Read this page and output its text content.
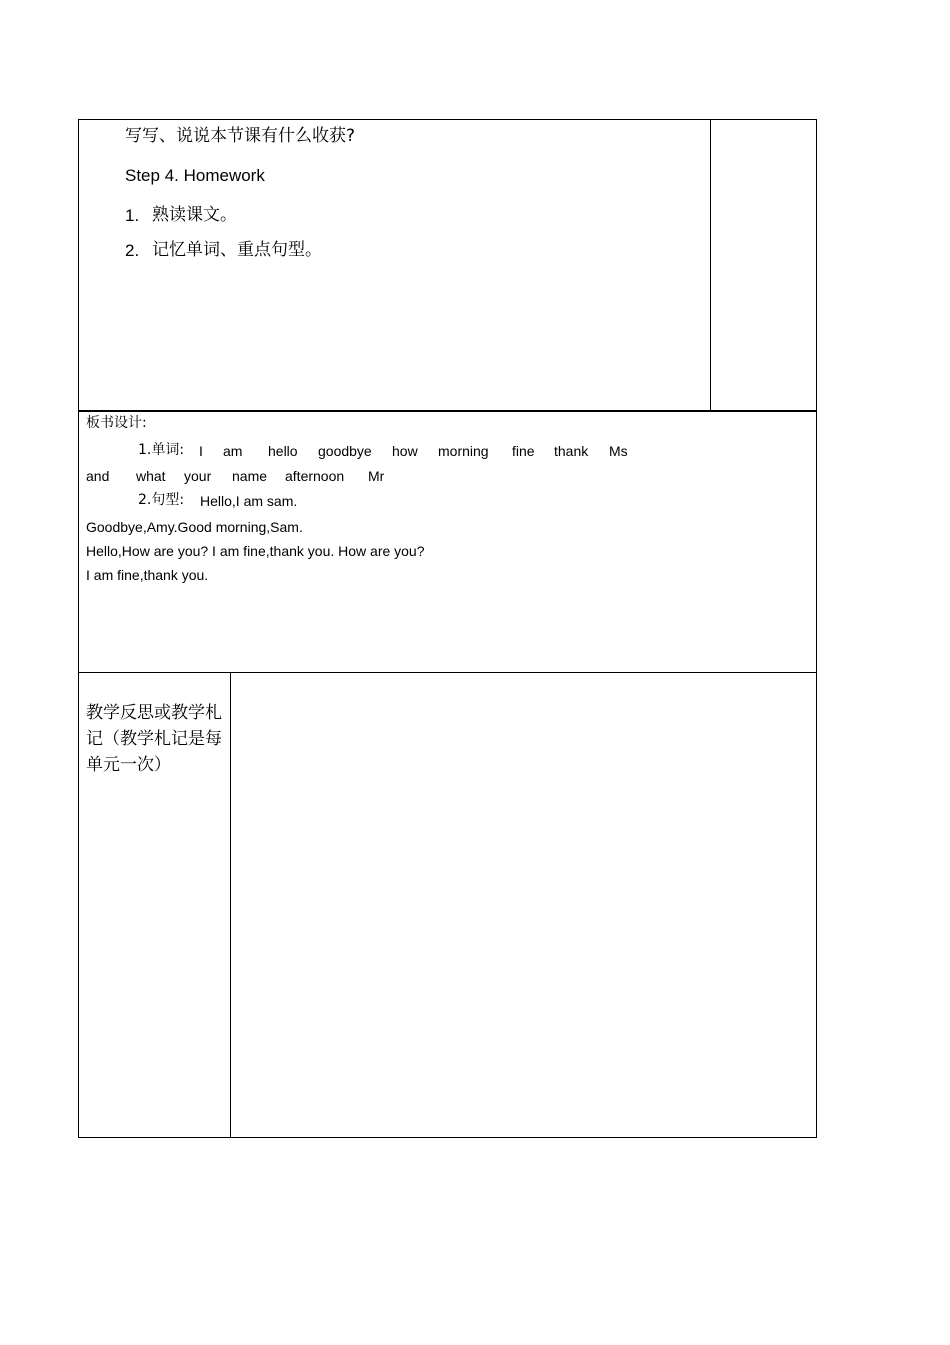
写写、说说本节课有什么收获?
Step 4. Homework
1. 熟读课文。
2. 记忆单词、重点句型。
板书设计:
1.单词: I am hello goodbye how morning fine thank Ms
and what your name afternoon Mr
2.句型: Hello,I am sam.
Goodbye,Amy.Good morning,Sam.
Hello,How are you? I am fine,thank you. How are you?
I am fine,thank you.
教学反思或教学札记（教学札记是每单元一次）
